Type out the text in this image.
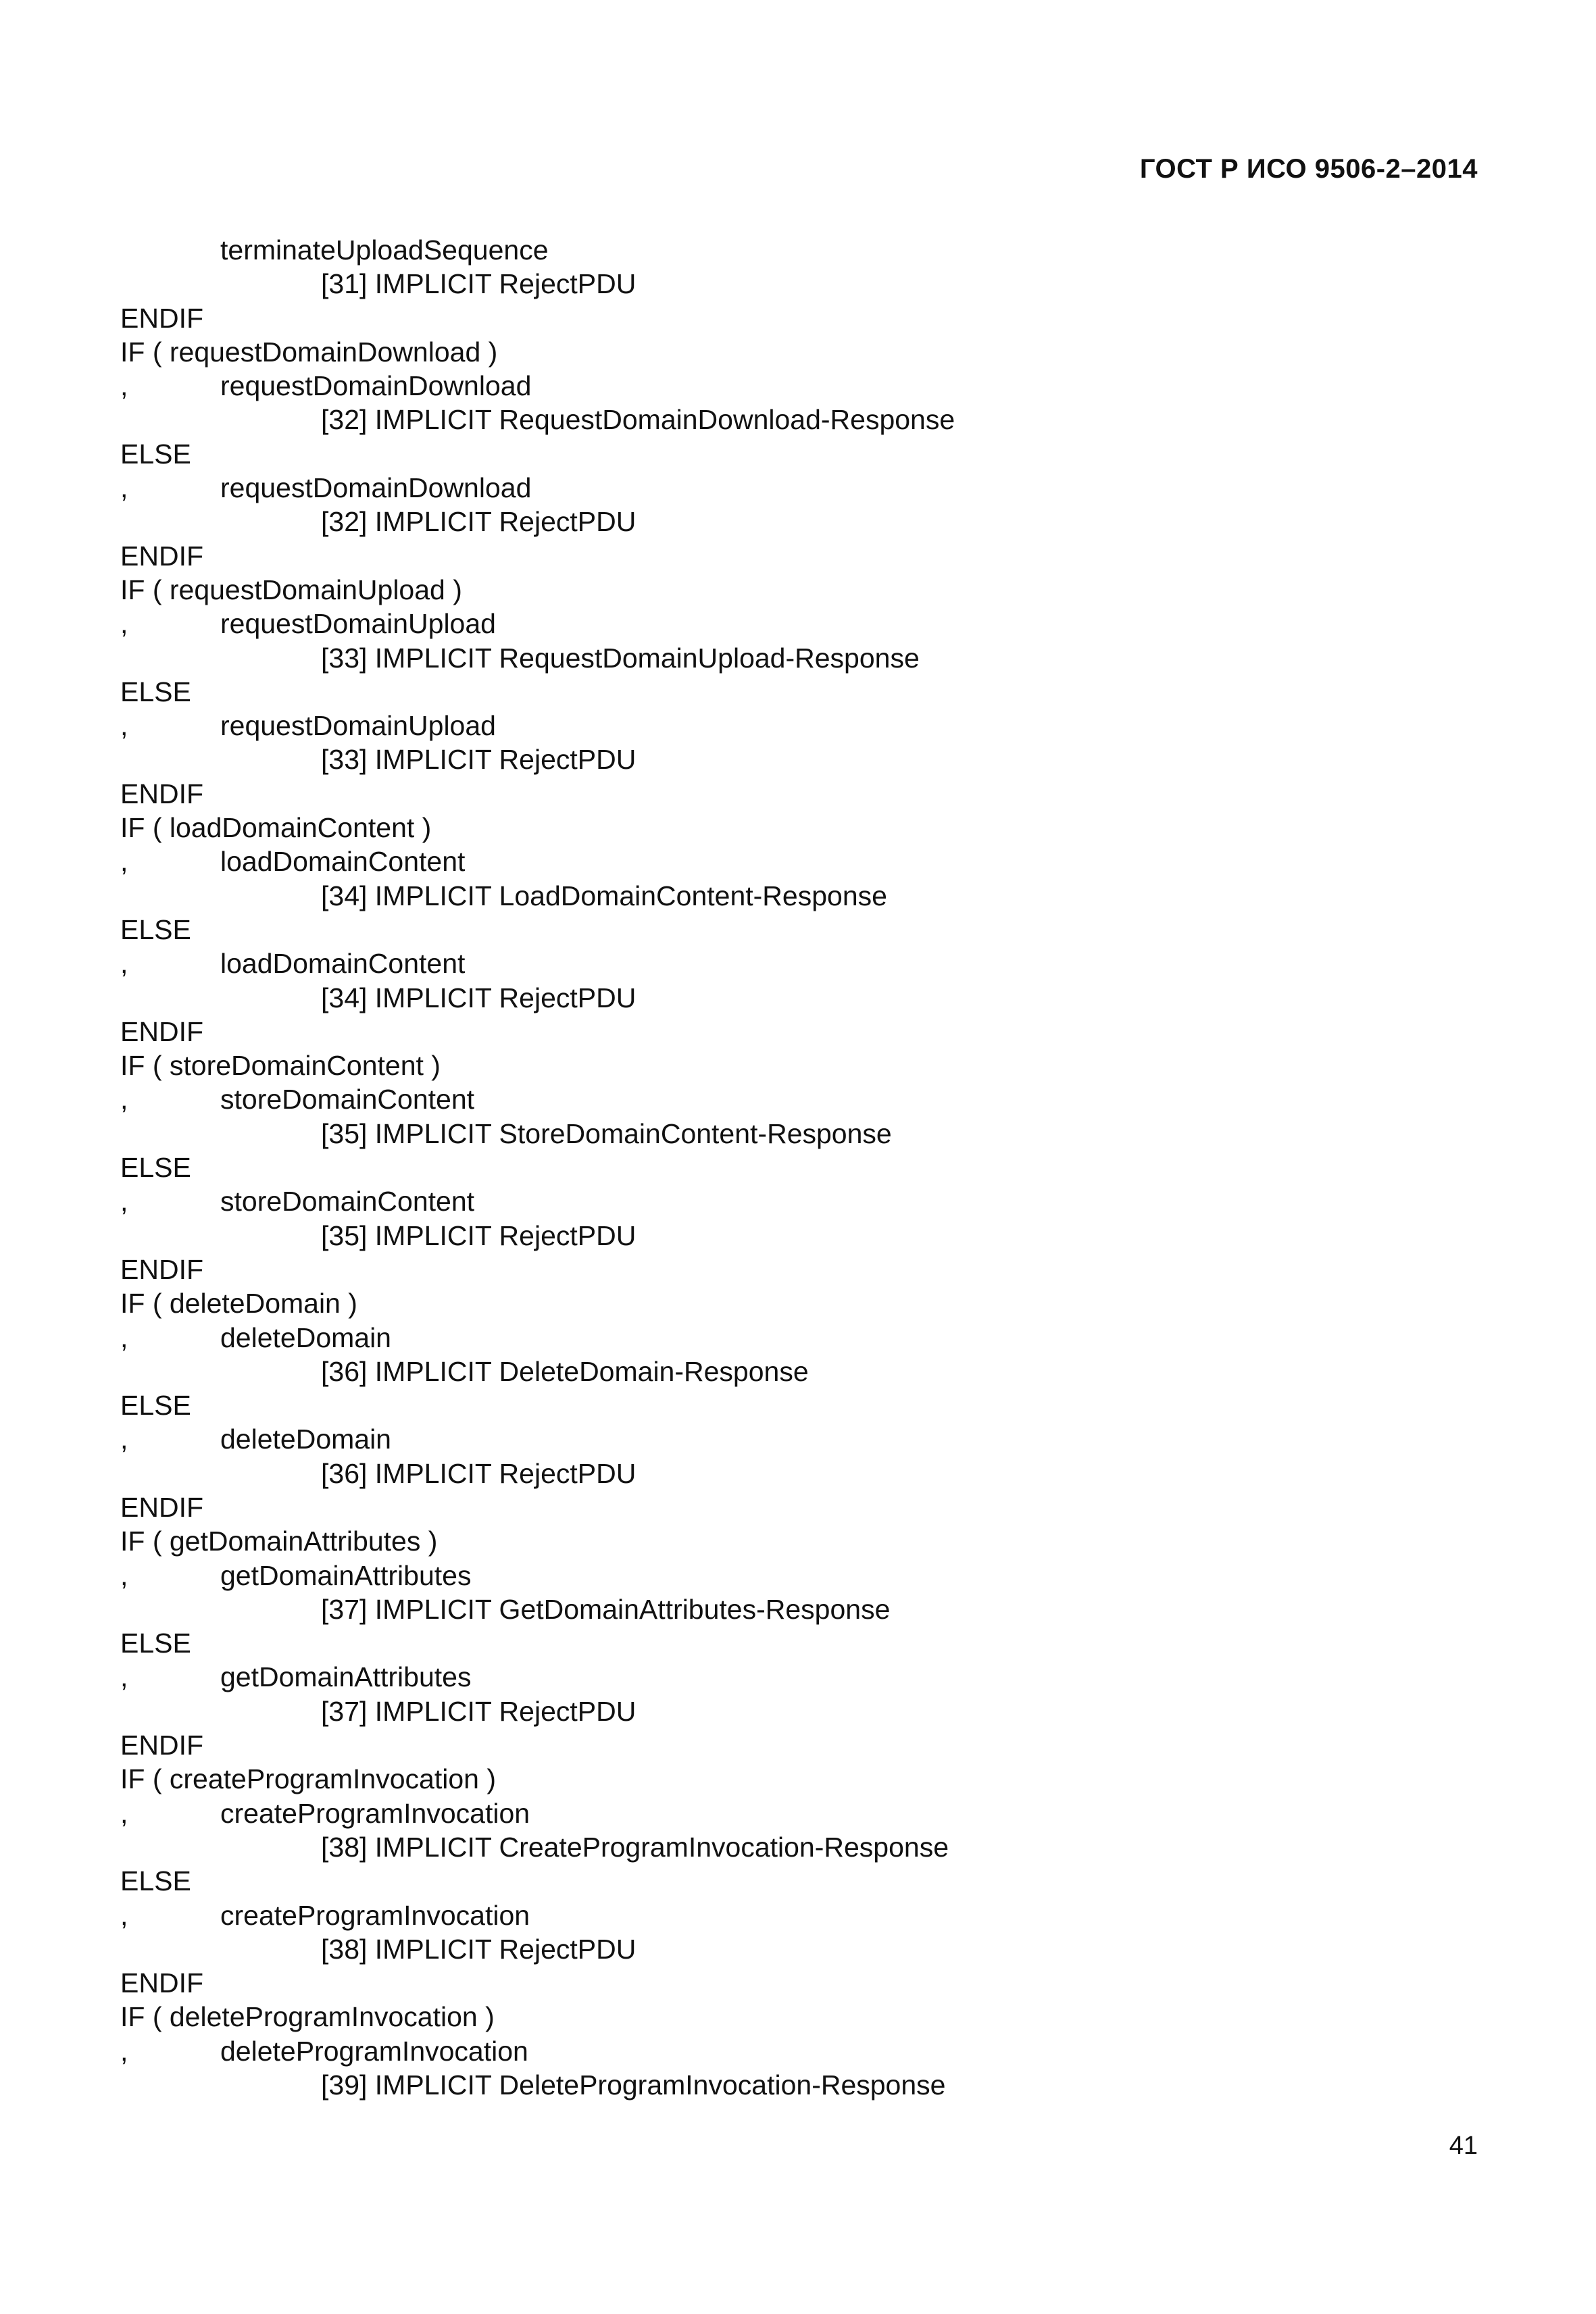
ГОСТ Р ИСО 9506-2–2014
terminateUploadSequence
[31] IMPLICIT RejectPDU
ENDIF
IF ( requestDomainDownload )
,	requestDomainDownload
[32] IMPLICIT RequestDomainDownload-Response
ELSE
,	requestDomainDownload
[32] IMPLICIT RejectPDU
ENDIF
IF ( requestDomainUpload )
,	requestDomainUpload
[33] IMPLICIT RequestDomainUpload-Response
ELSE
,	requestDomainUpload
[33] IMPLICIT RejectPDU
ENDIF
IF ( loadDomainContent )
,	loadDomainContent
[34] IMPLICIT LoadDomainContent-Response
ELSE
,	loadDomainContent
[34] IMPLICIT RejectPDU
ENDIF
IF ( storeDomainContent )
,	storeDomainContent
[35] IMPLICIT StoreDomainContent-Response
ELSE
,	storeDomainContent
[35] IMPLICIT RejectPDU
ENDIF
IF ( deleteDomain )
,	deleteDomain
[36] IMPLICIT DeleteDomain-Response
ELSE
,	deleteDomain
[36] IMPLICIT RejectPDU
ENDIF
IF ( getDomainAttributes )
,	getDomainAttributes
[37] IMPLICIT GetDomainAttributes-Response
ELSE
,	getDomainAttributes
[37] IMPLICIT RejectPDU
ENDIF
IF ( createProgramInvocation )
,	createProgramInvocation
[38] IMPLICIT CreateProgramInvocation-Response
ELSE
,	createProgramInvocation
[38] IMPLICIT RejectPDU
ENDIF
IF ( deleteProgramInvocation )
,	deleteProgramInvocation
[39] IMPLICIT DeleteProgramInvocation-Response
41
